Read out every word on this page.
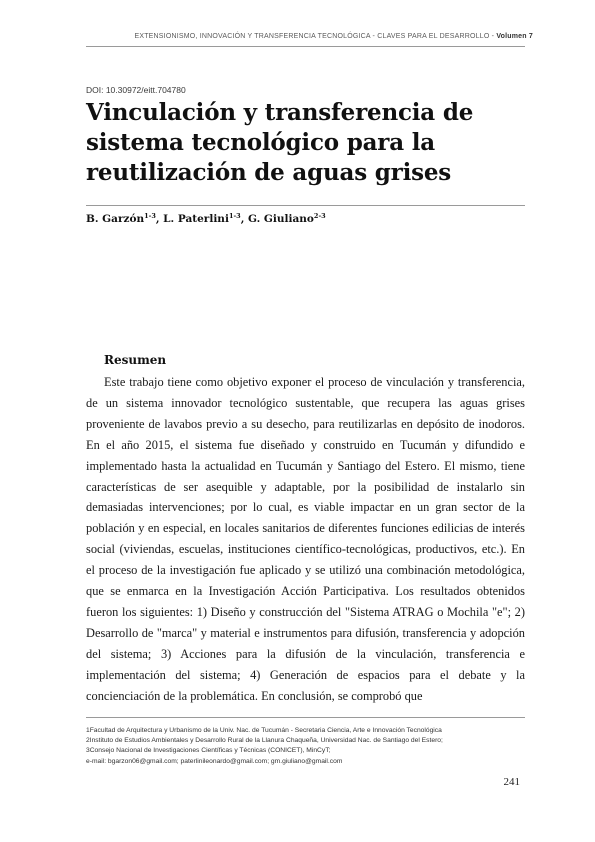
EXTENSIONISMO, INNOVACIÓN Y TRANSFERENCIA TECNOLÓGICA - CLAVES PARA EL DESARROLLO - Volumen 7
DOI: 10.30972/eitt.704780
Vinculación y transferencia de sistema tecnológico para la reutilización de aguas grises
B. Garzón$^{1-3}$, L. Paterlini$^{1-3}$, G. Giuliano$^{2-3}$
Resumen

Este trabajo tiene como objetivo exponer el proceso de vinculación y transferencia, de un sistema innovador tecnológico sustentable, que recupera las aguas grises proveniente de lavabos previo a su desecho, para reutilizarlas en depósito de inodoros. En el año 2015, el sistema fue diseñado y construido en Tucumán y difundido e implementado hasta la actualidad en Tucumán y Santiago del Estero. El mismo, tiene características de ser asequible y adaptable, por la posibilidad de instalarlo sin demasiadas intervenciones; por lo cual, es viable impactar en un gran sector de la población y en especial, en locales sanitarios de diferentes funciones edilicias de interés social (viviendas, escuelas, instituciones científico-tecnológicas, productivos, etc.). En el proceso de la investigación fue aplicado y se utilizó una combinación metodológica, que se enmarca en la Investigación Acción Participativa. Los resultados obtenidos fueron los siguientes: 1) Diseño y construcción del "Sistema ATRAG o Mochila "e"; 2) Desarrollo de "marca" y material e instrumentos para difusión, transferencia y adopción del sistema; 3) Acciones para la difusión de la vinculación, transferencia e implementación del sistema; 4) Generación de espacios para el debate y la concienciación de la problemática. En conclusión, se comprobó que

1Facultad de Arquitectura y Urbanismo de la Univ. Nac. de Tucumán - Secretaria Ciencia, Arte e Innovación Tecnológica
2Instituto de Estudios Ambientales y Desarrollo Rural de la Llanura Chaqueña, Universidad Nac. de Santiago del Estero;
3Consejo Nacional de Investigaciones Científicas y Técnicas (CONICET), MinCyT;
e-mail: bgarzon06@gmail.com; paterlinileonardo@gmail.com; gm.giuliano@gmail.com
241
